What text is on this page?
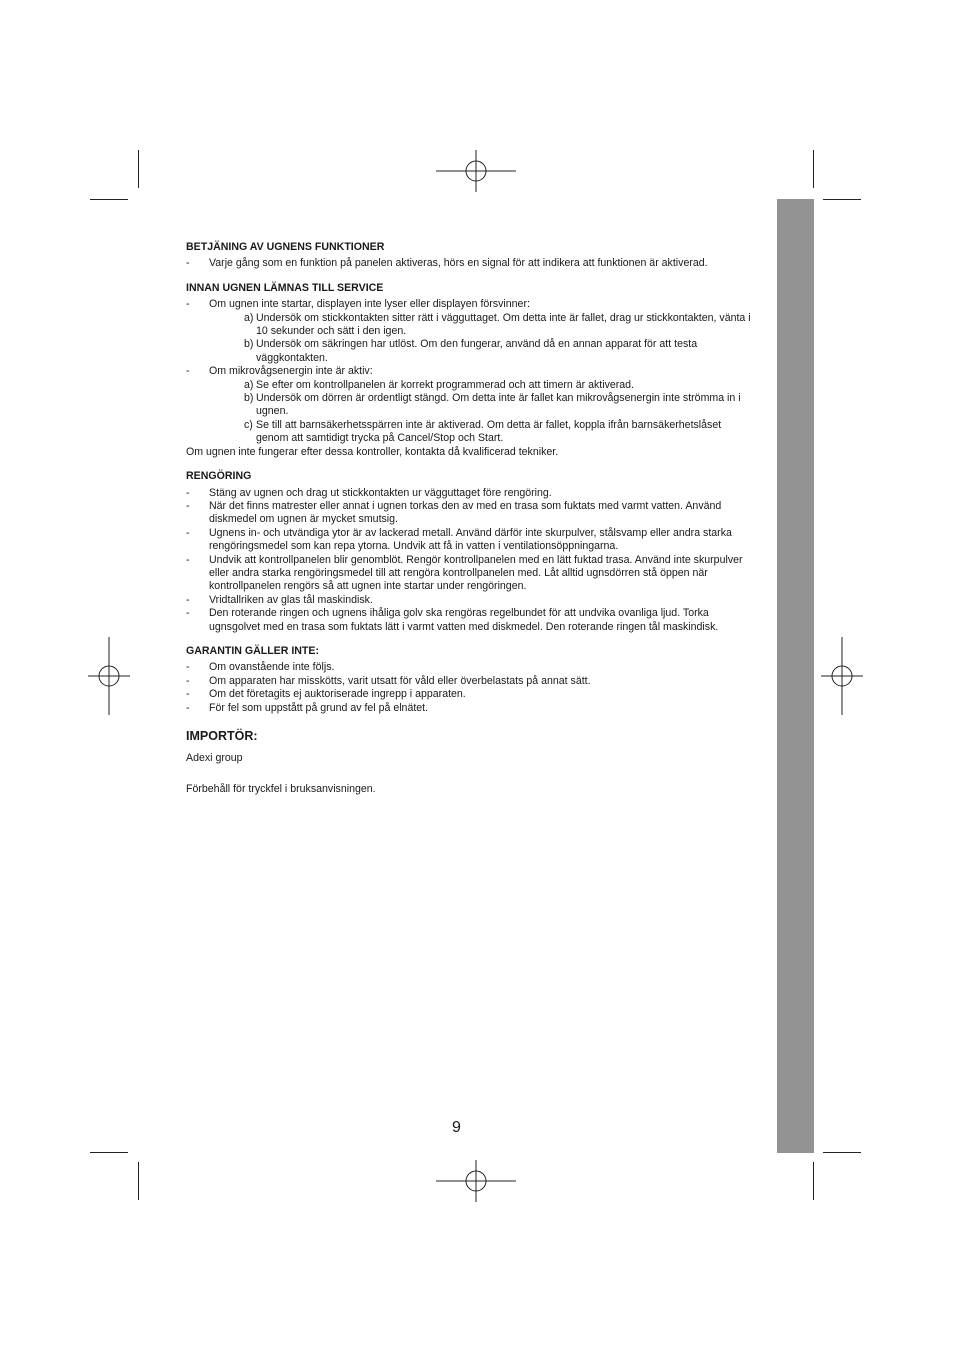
BETJÄNING AV UGNENS FUNKTIONER
- Varje gång som en funktion på panelen aktiveras, hörs en signal för att indikera att funktionen är aktiverad.
INNAN UGNEN LÄMNAS TILL SERVICE
- Om ugnen inte startar, displayen inte lyser eller displayen försvinner:
a) Undersök om stickkontakten sitter rätt i vägguttaget. Om detta inte är fallet, drag ur stickkontakten, vänta i 10 sekunder och sätt i den igen.
b) Undersök om säkringen har utlöst. Om den fungerar, använd då en annan apparat för att testa väggkontakten.
- Om mikrovågsenergin inte är aktiv:
a) Se efter om kontrollpanelen är korrekt programmerad och att timern är aktiverad.
b) Undersök om dörren är ordentligt stängd. Om detta inte är fallet kan mikrovågsenergin inte strömma in i ugnen.
c) Se till att barnsäkerhetsspärren inte är aktiverad. Om detta är fallet, koppla ifrån barnsäkerhetslåset genom att samtidigt trycka på Cancel/Stop och Start.

Om ugnen inte fungerar efter dessa kontroller, kontakta då kvalificerad tekniker.

RENGÖRING
- Stäng av ugnen och drag ut stickkontakten ur vägguttaget före rengöring.
- När det finns matrester eller annat i ugnen torkas den av med en trasa som fuktats med varmt vatten. Använd diskmedel om ugnen är mycket smutsig.
- Ugnens in- och utvändiga ytor är av lackerad metall. Använd därför inte skurpulver, stålsvamp eller andra starka rengöringsmedel som kan repa ytorna. Undvik att få in vatten i ventilationsöppningarna.
- Undvik att kontrollpanelen blir genomblöt. Rengör kontrollpanelen med en lätt fuktad trasa. Använd inte skurpulver eller andra starka rengöringsmedel till att rengöra kontrollpanelen med. Låt alltid ugnsdörren stå öppen när kontrollpanelen rengörs så att ugnen inte startar under rengöringen.
- Vridtallriken av glas tål maskindisk.
- Den roterande ringen och ugnens ihåliga golv ska rengöras regelbundet för att undvika ovanliga ljud. Torka ugnsgolvet med en trasa som fuktats lätt i varmt vatten med diskmedel. Den roterande ringen tål maskindisk.
GARANTIN GÄLLER INTE:
- Om ovanstående inte följs.
- Om apparaten har misskötts, varit utsatt för våld eller överbelastats på annat sätt.
- Om det företagits ej auktoriserade ingrepp i apparaten.
- För fel som uppstått på grund av fel på elnätet.
IMPORTÖR:

Adexi group

Förbehåll för tryckfel i bruksanvisningen.

9
